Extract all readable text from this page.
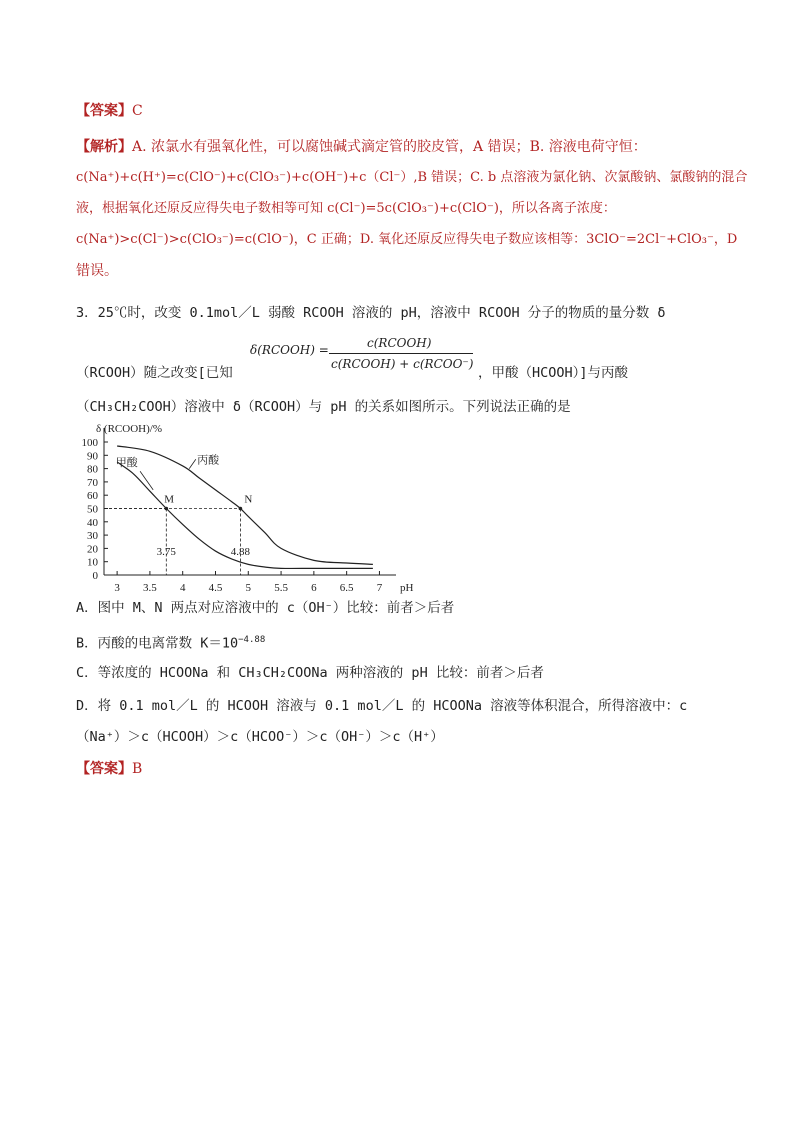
【答案】C
【解析】A. 浓氯水有强氧化性，可以腐蚀碱式滴定管的胶皮管，A 错误；B. 溶液电荷守恒：
c(Na⁺)+c(H⁺)=c(ClO⁻)+c(ClO₃⁻)+c(OH⁻)+c（Cl⁻）,B 错误；C. b 点溶液为氯化钠、次氯酸钠、氯酸钠的混合
液，根据氧化还原反应得失电子数相等可知 c(Cl⁻)=5c(ClO₃⁻)+c(ClO⁻)，所以各离子浓度：
c(Na⁺)>c(Cl⁻)>c(ClO₃⁻)=c(ClO⁻)，C 正确；D. 氧化还原反应得失电子数应该相等：3ClO⁻=2Cl⁻+ClO₃⁻，D
错误。
3．25℃时，改变 0.1mol／L 弱酸 RCOOH 溶液的 pH，溶液中 RCOOH 分子的物质的量分数 δ
（RCOOH）随之改变[已知
δ(RCOOH) =	c(RCOOH)
c(RCOOH) + c(RCOO⁻)
，甲酸（HCOOH）]与丙酸
（CH₃CH₂COOH）溶液中 δ（RCOOH）与 pH 的关系如图所示。下列说法正确的是
δ (RCOOH)/%
pH
0
10
20
30
40
50
60
70
80
90
100
3 3.5 4 4.5 5 5.5 6 6.5 7
甲酸	丙酸
M
3.75
N
4.88
A．图中 M、N 两点对应溶液中的 c（OH⁻）比较：前者＞后者
B．丙酸的电离常数 $K=10^{-4.88}$
C．等浓度的 HCOONa 和 CH₃CH₂COONa 两种溶液的 pH 比较：前者＞后者
D．将 0.1 mol／L 的 HCOOH 溶液与 0.1 mol／L 的 HCOONa 溶液等体积混合，所得溶液中：c
（Na⁺）＞c（HCOOH）＞c（HCOO⁻）＞c（OH⁻）＞c（H⁺）
【答案】B
